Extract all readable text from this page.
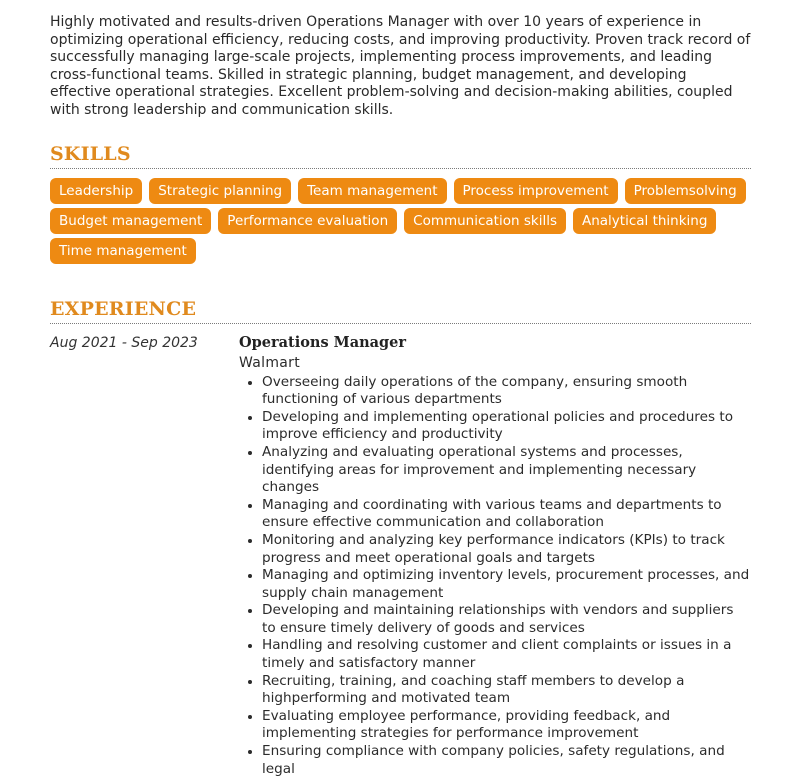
Highly motivated and results-driven Operations Manager with over 10 years of experience in optimizing operational efficiency, reducing costs, and improving productivity. Proven track record of successfully managing large-scale projects, implementing process improvements, and leading cross-functional teams. Skilled in strategic planning, budget management, and developing effective operational strategies. Excellent problem-solving and decision-making abilities, coupled with strong leadership and communication skills.

SKILLS
Leadership	Strategic planning	Team management	Process improvement	Problemsolving
Budget management	Performance evaluation	Communication skills	Analytical thinking
Time management
EXPERIENCE
Aug 2021 - Sep 2023	Operations Manager
Walmart
• Overseeing daily operations of the company, ensuring smooth functioning of various departments
• Developing and implementing operational policies and procedures to improve efficiency and productivity
• Analyzing and evaluating operational systems and processes, identifying areas for improvement and implementing necessary changes
• Managing and coordinating with various teams and departments to ensure effective communication and collaboration
• Monitoring and analyzing key performance indicators (KPIs) to track progress and meet operational goals and targets
• Managing and optimizing inventory levels, procurement processes, and supply chain management
• Developing and maintaining relationships with vendors and suppliers to ensure timely delivery of goods and services
• Handling and resolving customer and client complaints or issues in a timely and satisfactory manner
• Recruiting, training, and coaching staff members to develop a highperforming and motivated team
• Evaluating employee performance, providing feedback, and implementing strategies for performance improvement
• Ensuring compliance with company policies, safety regulations, and legal
